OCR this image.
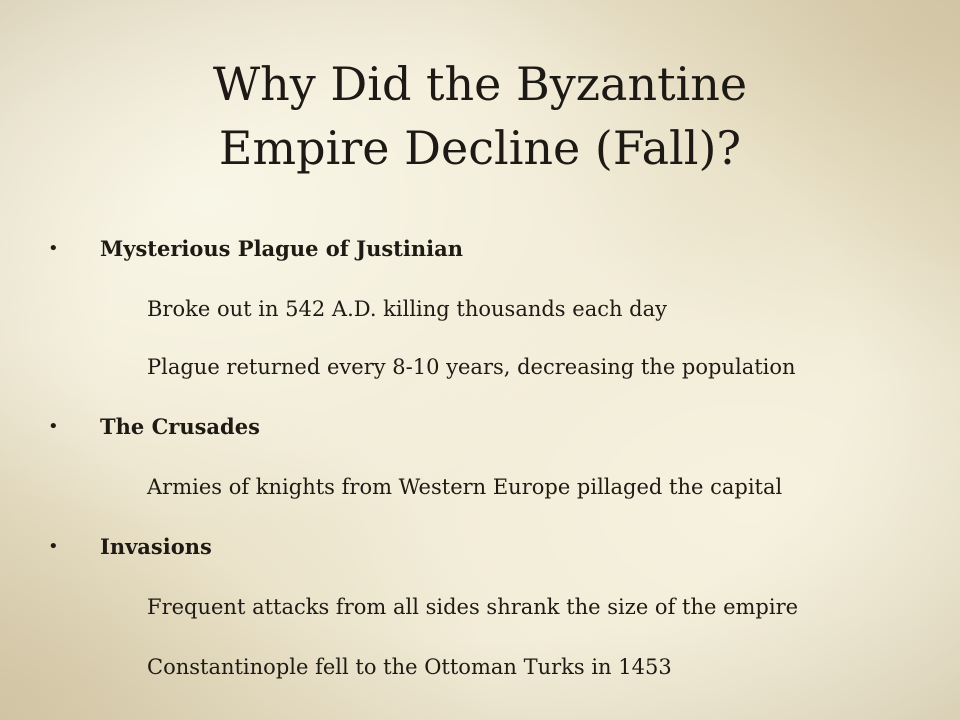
Why Did the Byzantine
Empire Decline (Fall)?
• Mysterious Plague of Justinian
Broke out in 542 A.D. killing thousands each day
Plague returned every 8-10 years, decreasing the population
• The Crusades
Armies of knights from Western Europe pillaged the capital
• Invasions
Frequent attacks from all sides shrank the size of the empire
Constantinople fell to the Ottoman Turks in 1453
